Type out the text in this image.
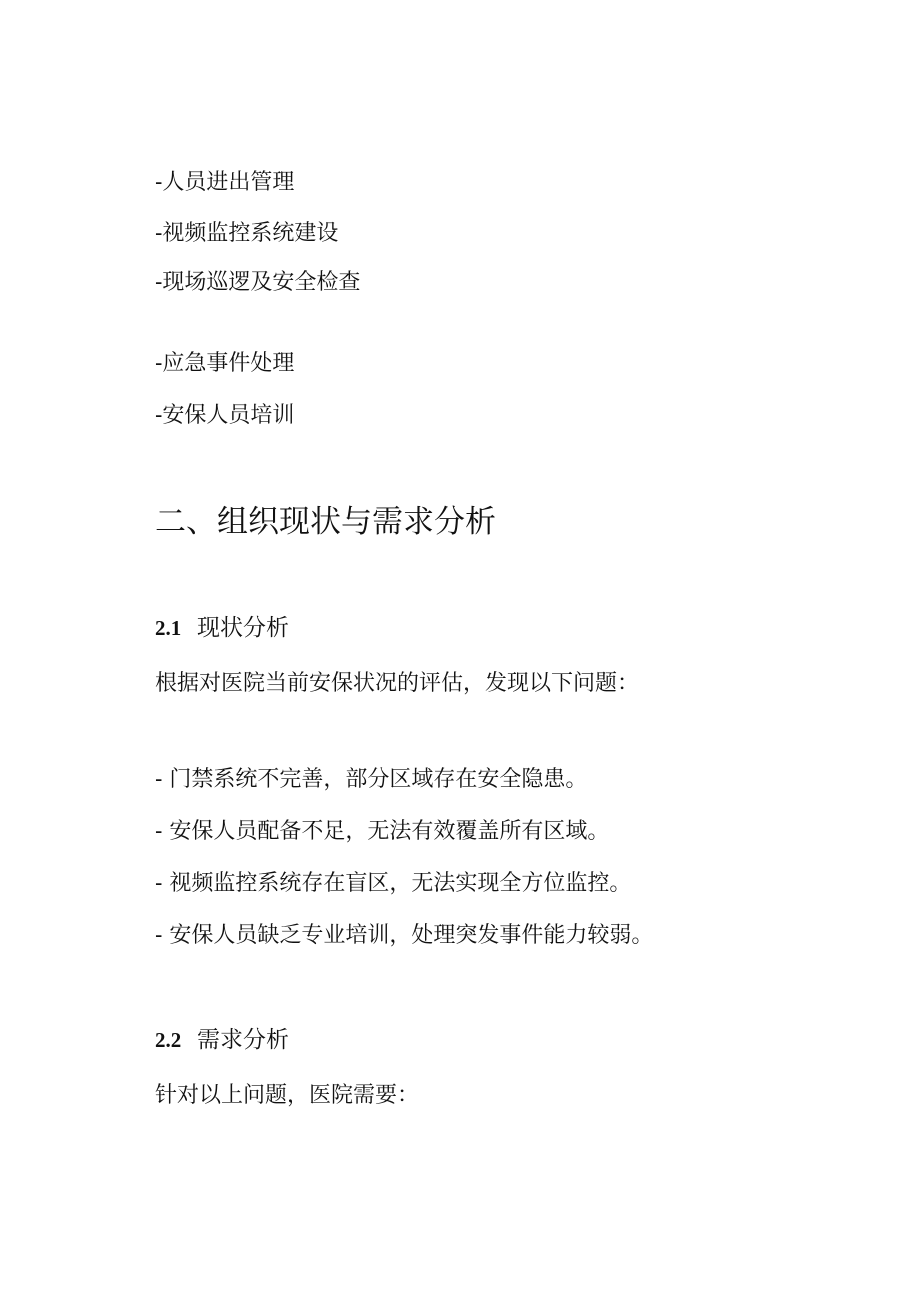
-人员进出管理

-视频监控系统建设

-现场巡逻及安全检查

-应急事件处理

-安保人员培训

二、组织现状与需求分析
2.1 现状分析

根据对医院当前安保状况的评估，发现以下问题：

- 门禁系统不完善，部分区域存在安全隐患。

- 安保人员配备不足，无法有效覆盖所有区域。

- 视频监控系统存在盲区，无法实现全方位监控。

- 安保人员缺乏专业培训，处理突发事件能力较弱。

2.2 需求分析

针对以上问题，医院需要：
